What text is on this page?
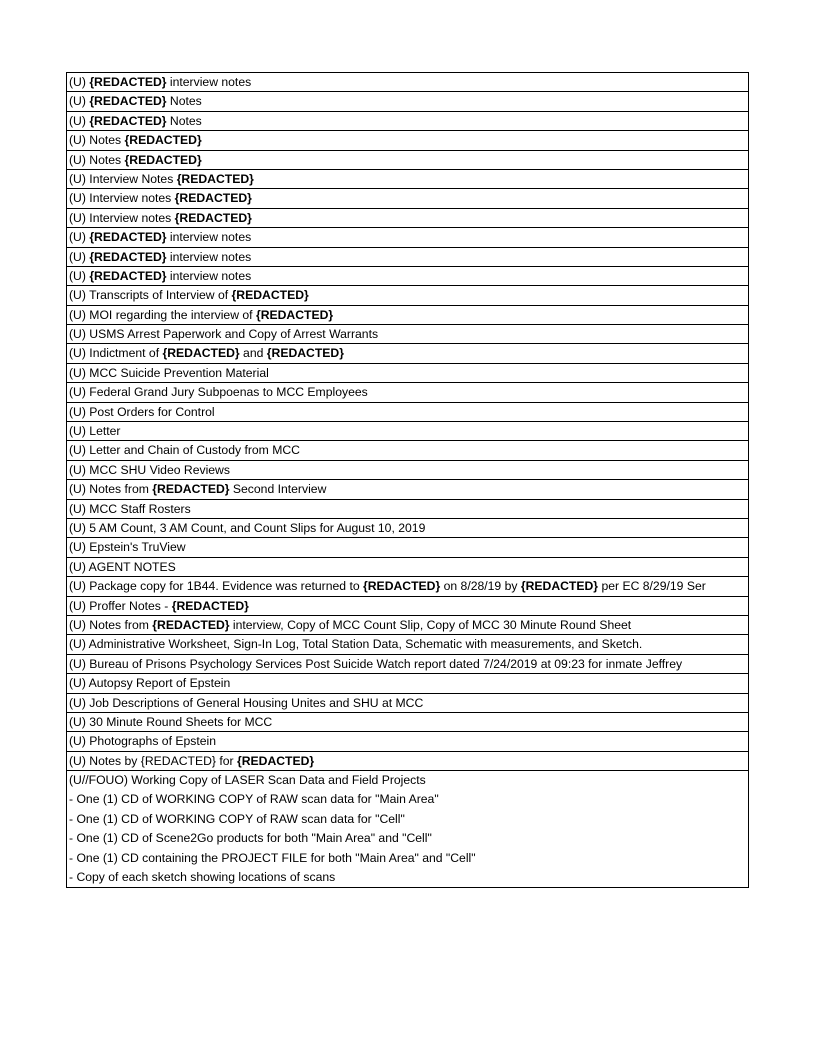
(U) {REDACTED} interview notes
(U) {REDACTED} Notes
(U) {REDACTED} Notes
(U) Notes {REDACTED}
(U) Notes {REDACTED}
(U) Interview Notes {REDACTED}
(U) Interview notes {REDACTED}
(U) Interview notes {REDACTED}
(U) {REDACTED} interview notes
(U) {REDACTED} interview notes
(U) {REDACTED} interview notes
(U) Transcripts of Interview of {REDACTED}
(U) MOI regarding the interview of {REDACTED}
(U) USMS Arrest Paperwork and Copy of Arrest Warrants
(U) Indictment of {REDACTED} and {REDACTED}
(U) MCC Suicide Prevention Material
(U) Federal Grand Jury Subpoenas to MCC Employees
(U) Post Orders for Control
(U) Letter
(U) Letter and Chain of Custody from MCC
(U) MCC SHU Video Reviews
(U) Notes from {REDACTED} Second Interview
(U) MCC Staff Rosters
(U) 5 AM Count, 3 AM Count, and Count Slips for August 10, 2019
(U) Epstein's TruView
(U) AGENT NOTES
(U) Package copy for 1B44. Evidence was returned to {REDACTED} on 8/28/19 by {REDACTED} per EC 8/29/19 Ser
(U) Proffer Notes - {REDACTED}
(U) Notes from {REDACTED} interview, Copy of MCC Count Slip, Copy of MCC 30 Minute Round Sheet
(U) Administrative Worksheet, Sign-In Log, Total Station Data, Schematic with measurements, and Sketch.
(U) Bureau of Prisons Psychology Services Post Suicide Watch report dated 7/24/2019 at 09:23 for inmate Jeffrey
(U) Autopsy Report of Epstein
(U) Job Descriptions of General Housing Unites and SHU at MCC
(U) 30 Minute Round Sheets for MCC
(U) Photographs of Epstein
(U) Notes by {REDACTED} for {REDACTED}
(U//FOUO) Working Copy of LASER Scan Data and Field Projects
- One (1) CD of WORKING COPY of RAW scan data for "Main Area"
- One (1) CD of WORKING COPY of RAW scan data for "Cell"
- One (1) CD of Scene2Go products for both "Main Area" and "Cell"
- One (1) CD containing the PROJECT FILE for both "Main Area" and "Cell"
- Copy of each sketch showing locations of scans
